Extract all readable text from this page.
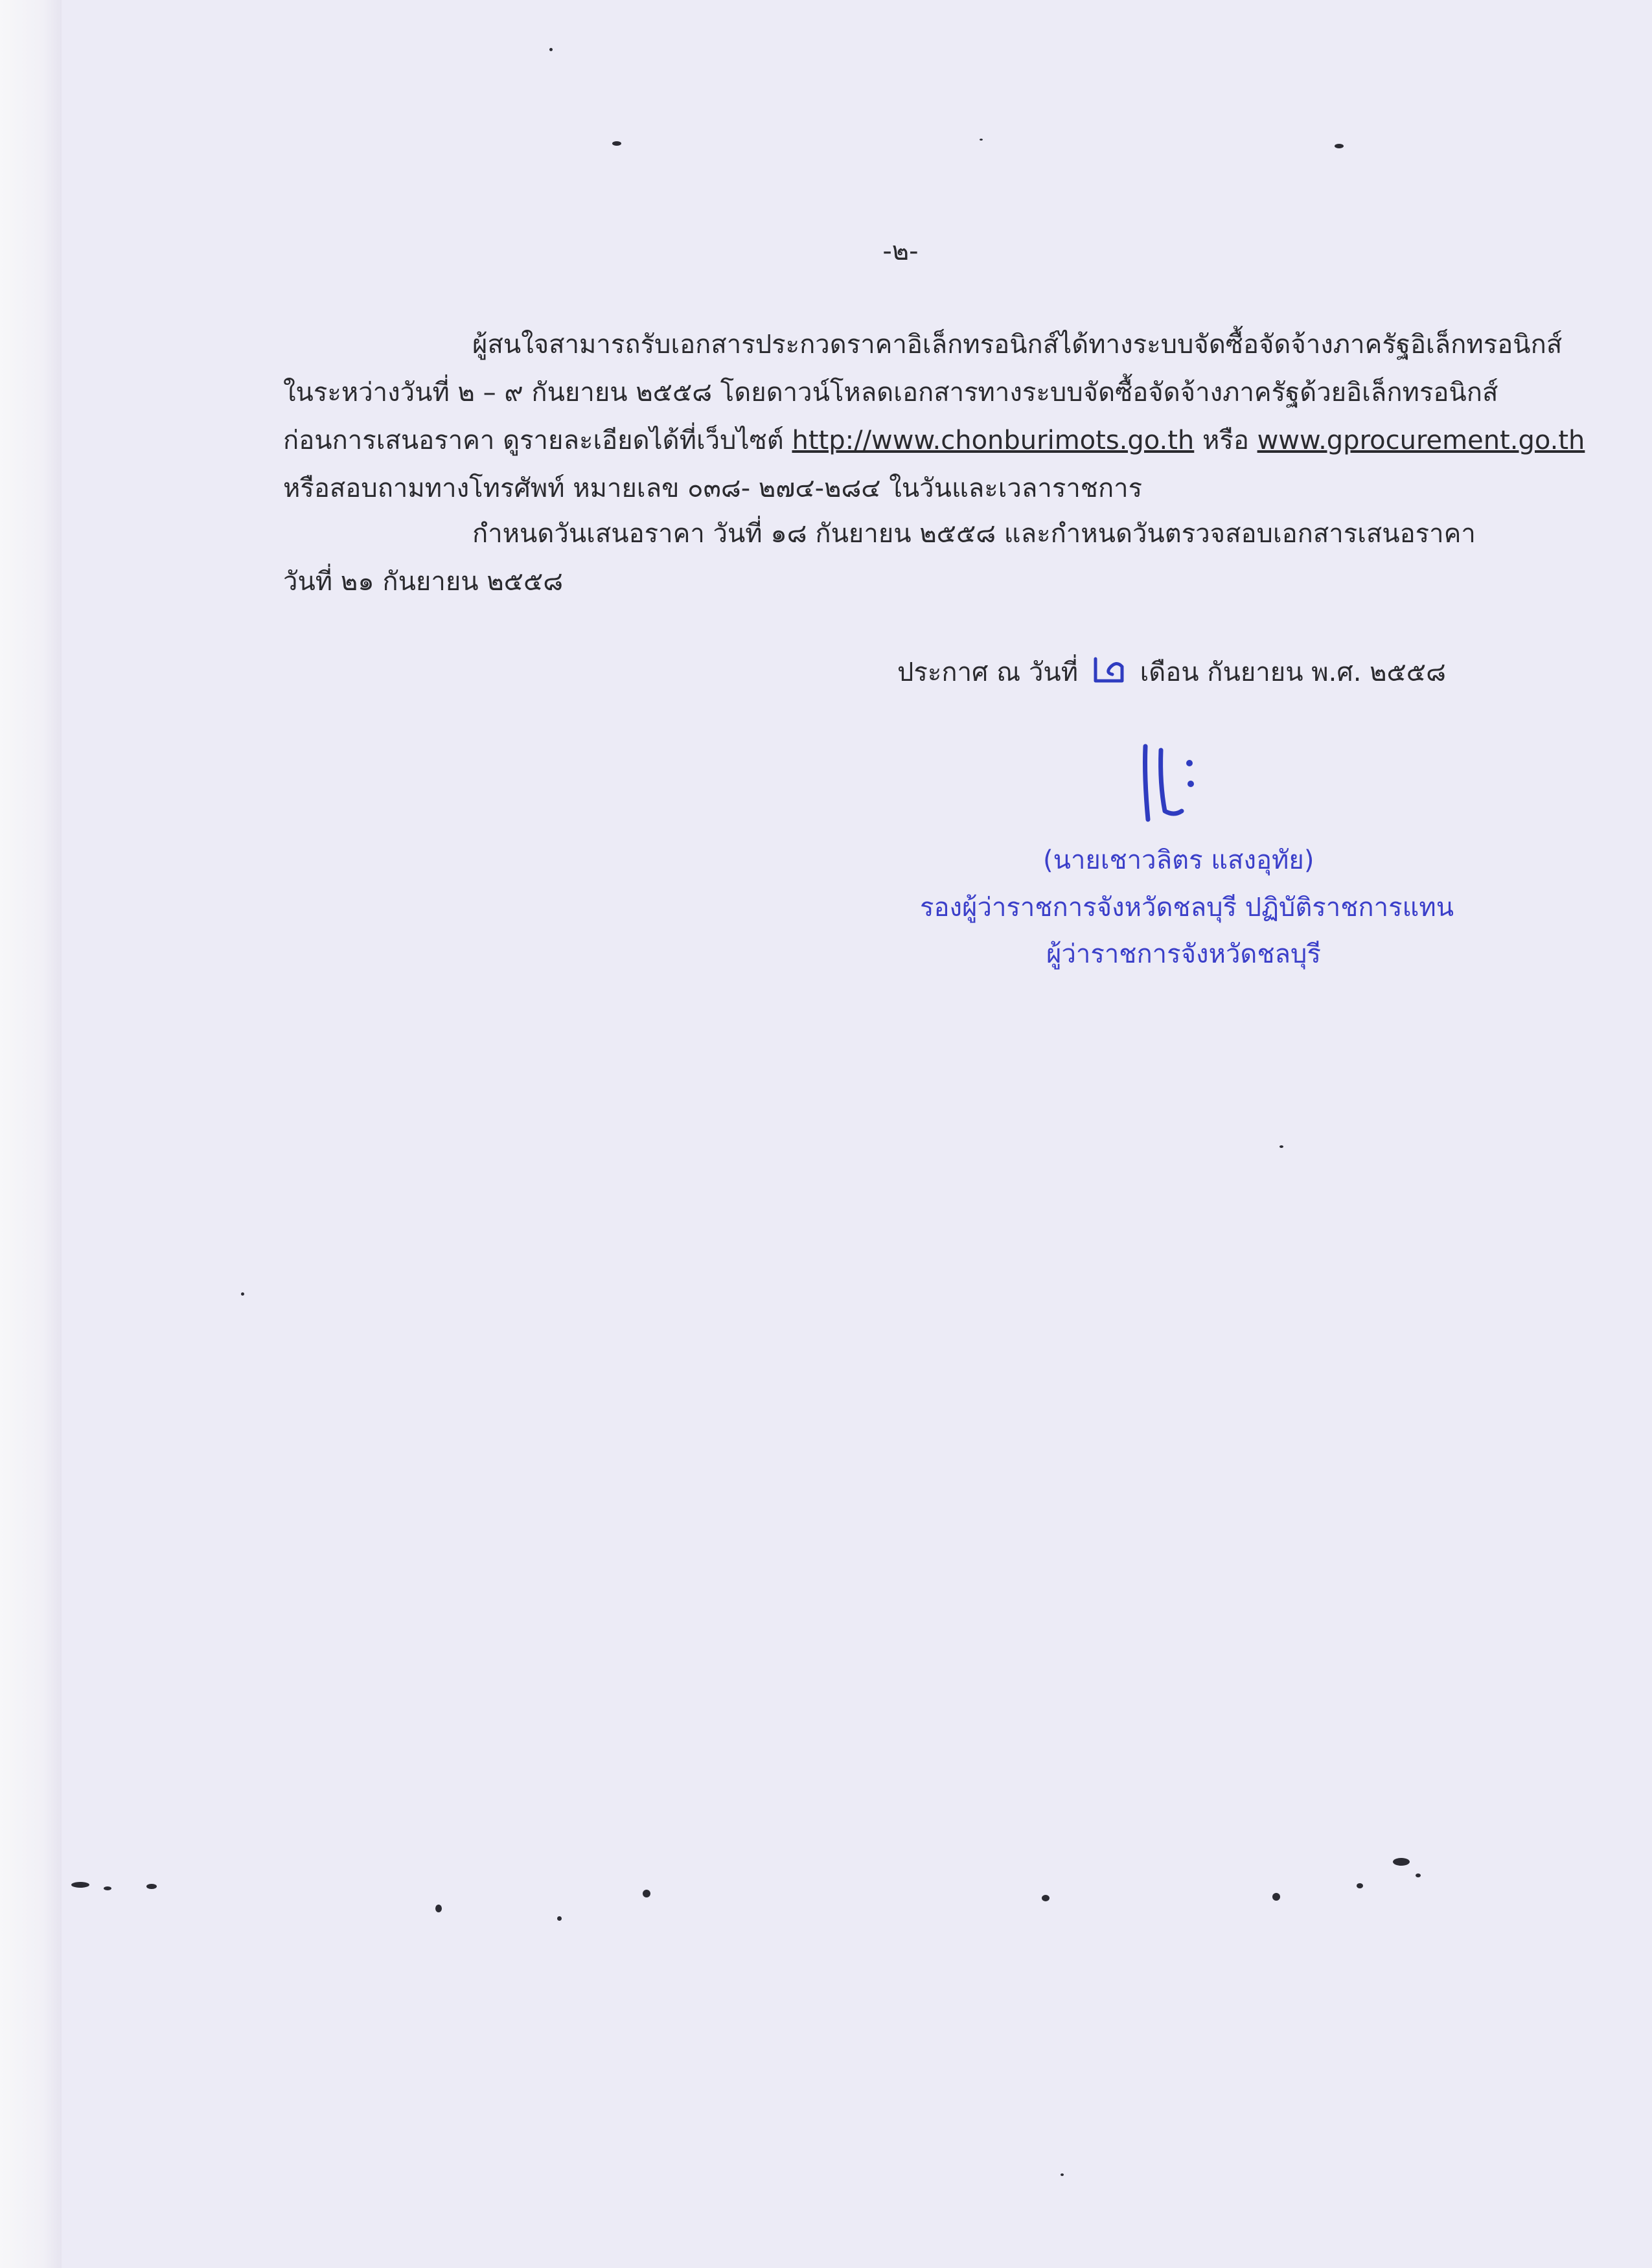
-๒-
ผู้สนใจสามารถรับเอกสารประกวดราคาอิเล็กทรอนิกส์ได้ทางระบบจัดซื้อจัดจ้างภาครัฐอิเล็กทรอนิกส์
ในระหว่างวันที่ ๒ – ๙ กันยายน ๒๕๕๘ โดยดาวน์โหลดเอกสารทางระบบจัดซื้อจัดจ้างภาครัฐด้วยอิเล็กทรอนิกส์
ก่อนการเสนอราคา ดูรายละเอียดได้ที่เว็บไซต์ http://www.chonburimots.go.th หรือ www.gprocurement.go.th
หรือสอบถามทางโทรศัพท์ หมายเลข ๐๓๘- ๒๗๔-๒๘๔ ในวันและเวลาราชการ
กำหนดวันเสนอราคา วันที่ ๑๘ กันยายน ๒๕๕๘ และกำหนดวันตรวจสอบเอกสารเสนอราคา
วันที่ ๒๑ กันยายน ๒๕๕๘
ประกาศ ณ วันที่  เดือน กันยายน พ.ศ. ๒๕๕๘
(นายเชาวลิตร แสงอุทัย)
รองผู้ว่าราชการจังหวัดชลบุรี ปฏิบัติราชการแทน
ผู้ว่าราชการจังหวัดชลบุรี
